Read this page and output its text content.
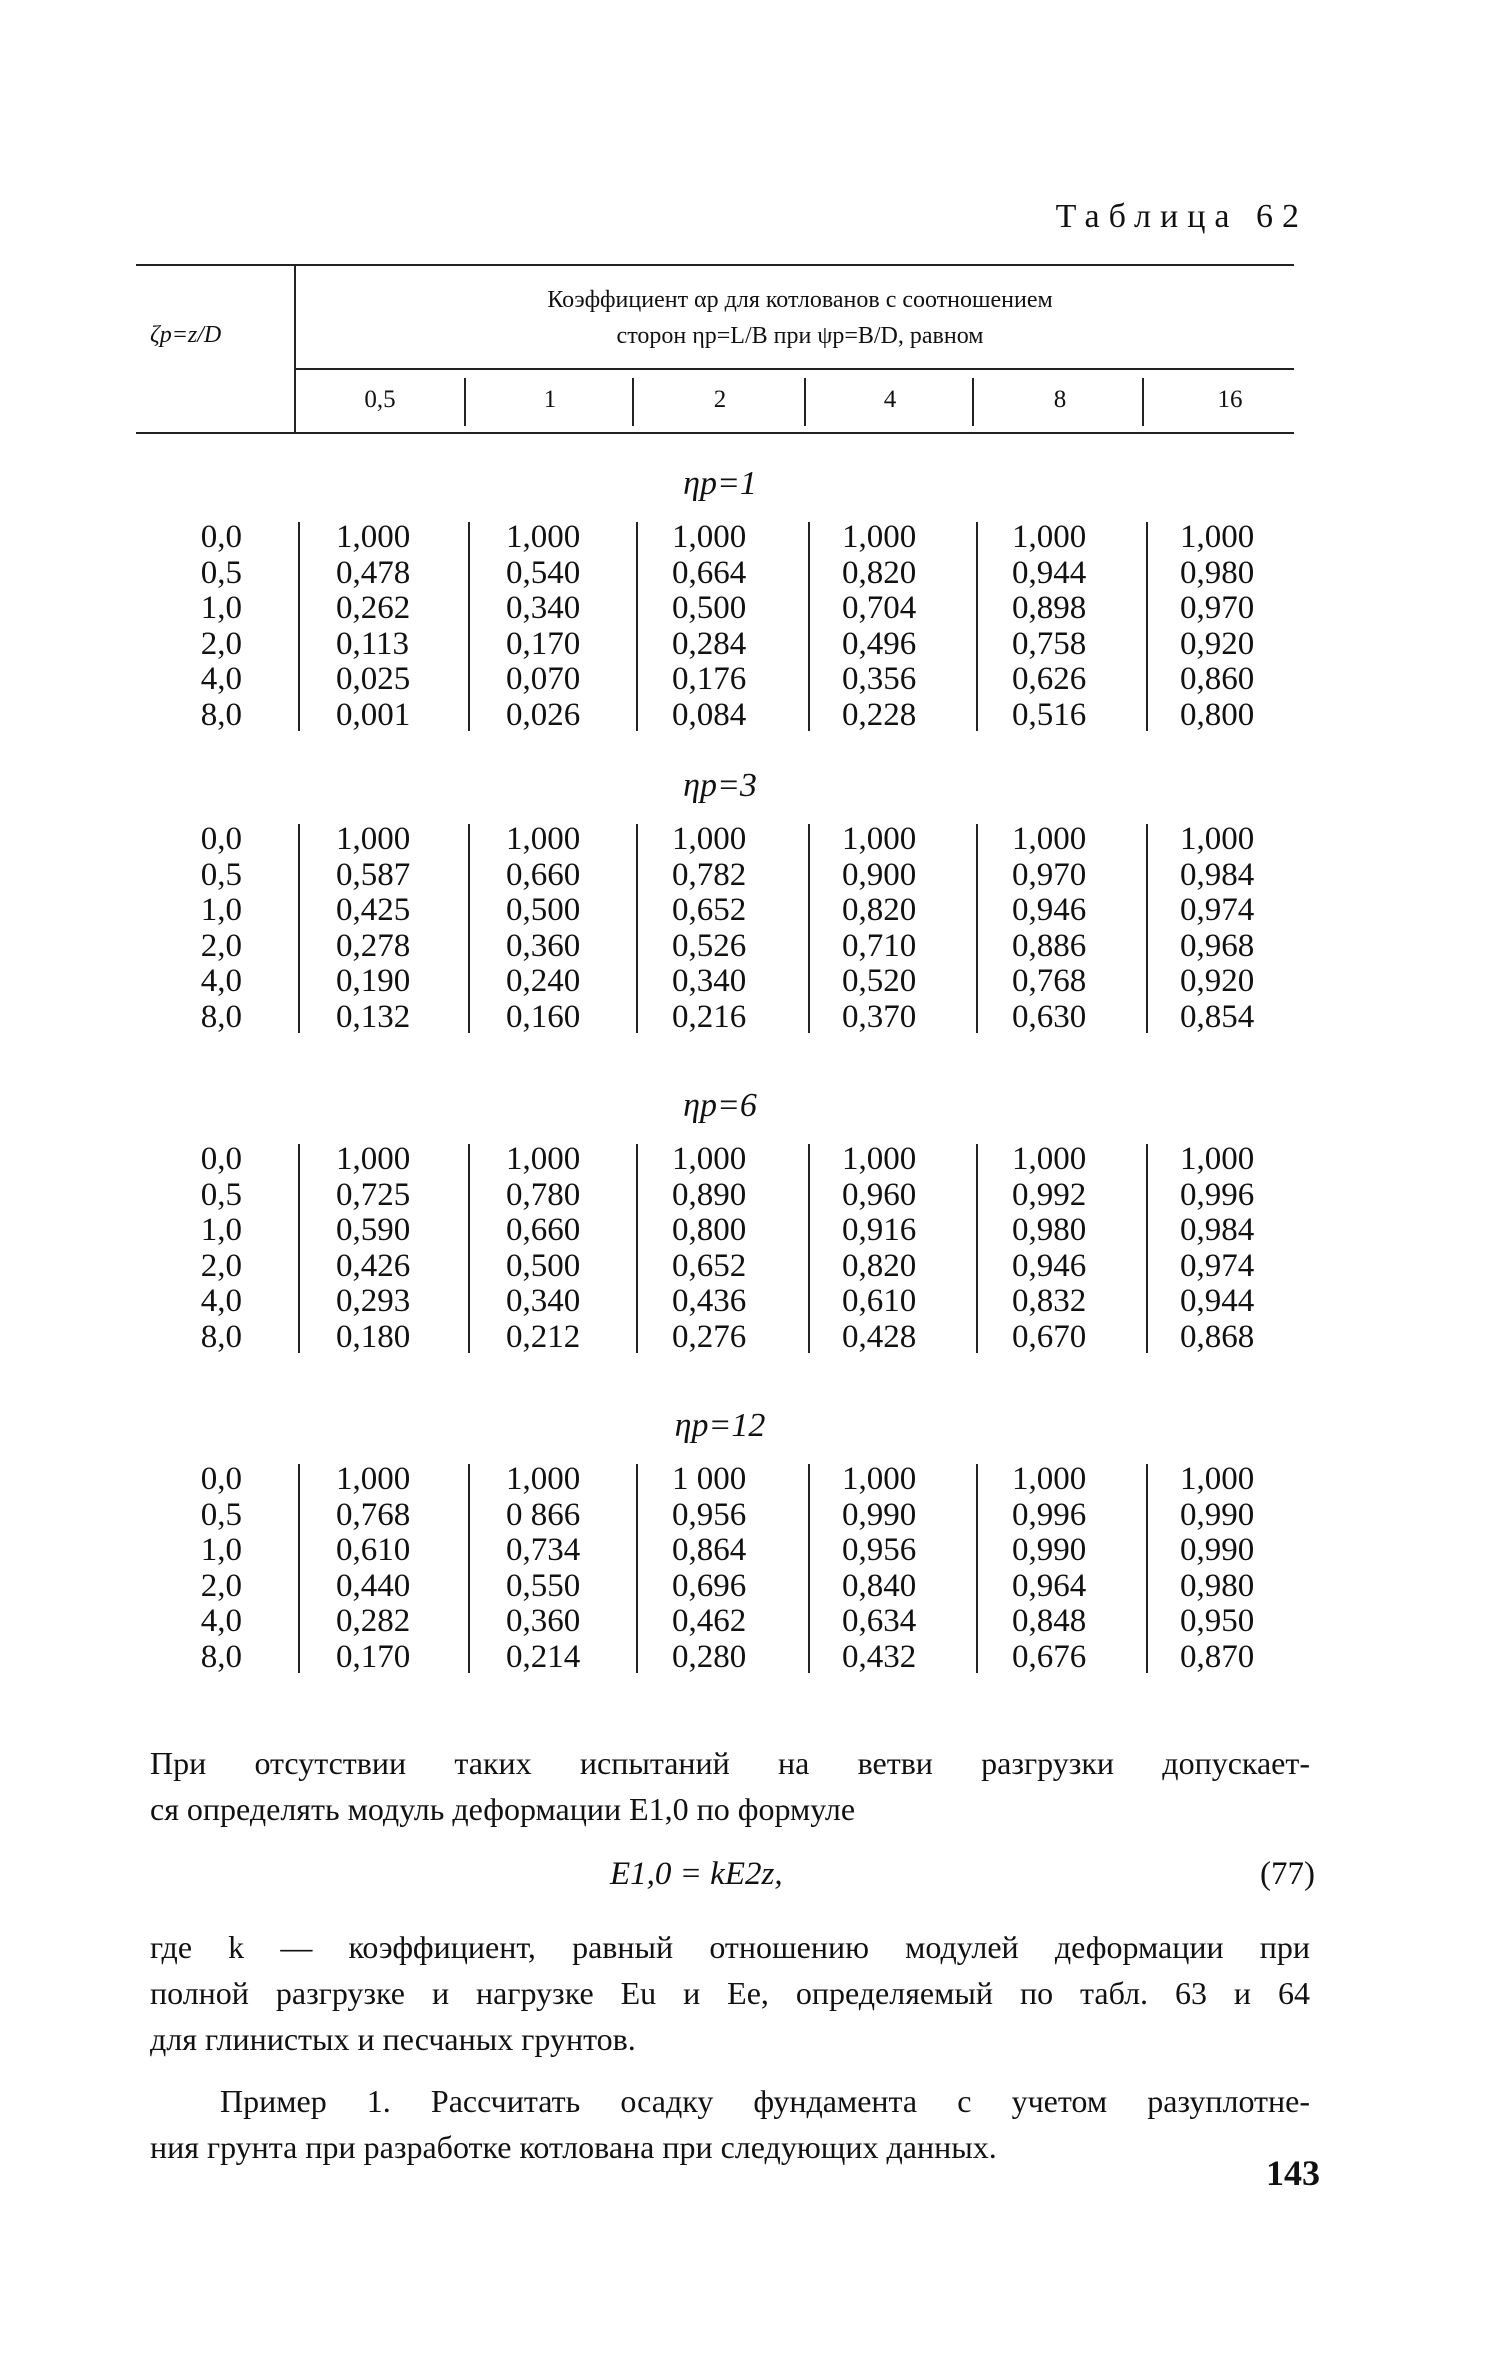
Таблица 62
ζp=z/D
Коэффициент αp для котлованов с соотношением
сторон ηp=L/B при ψp=B/D, равном
0,5	1	2	4	8	16
ηp=1
0,0	1,000	1,000	1,000	1,000	1,000	1,000
0,5	0,478	0,540	0,664	0,820	0,944	0,980
1,0	0,262	0,340	0,500	0,704	0,898	0,970
2,0	0,113	0,170	0,284	0,496	0,758	0,920
4,0	0,025	0,070	0,176	0,356	0,626	0,860
8,0	0,001	0,026	0,084	0,228	0,516	0,800
ηp=3
0,0	1,000	1,000	1,000	1,000	1,000	1,000
0,5	0,587	0,660	0,782	0,900	0,970	0,984
1,0	0,425	0,500	0,652	0,820	0,946	0,974
2,0	0,278	0,360	0,526	0,710	0,886	0,968
4,0	0,190	0,240	0,340	0,520	0,768	0,920
8,0	0,132	0,160	0,216	0,370	0,630	0,854
ηp=6
0,0	1,000	1,000	1,000	1,000	1,000	1,000
0,5	0,725	0,780	0,890	0,960	0,992	0,996
1,0	0,590	0,660	0,800	0,916	0,980	0,984
2,0	0,426	0,500	0,652	0,820	0,946	0,974
4,0	0,293	0,340	0,436	0,610	0,832	0,944
8,0	0,180	0,212	0,276	0,428	0,670	0,868
ηp=12
0,0	1,000	1,000	1 000	1,000	1,000	1,000
0,5	0,768	0 866	0,956	0,990	0,996	0,990
1,0	0,610	0,734	0,864	0,956	0,990	0,990
2,0	0,440	0,550	0,696	0,840	0,964	0,980
4,0	0,282	0,360	0,462	0,634	0,848	0,950
8,0	0,170	0,214	0,280	0,432	0,676	0,870
При отсутствии таких испытаний на ветви разгрузки допускает-
ся определять модуль деформации E1,0 по формуле
E1,0 = kE2z,	(77)
где k — коэффициент, равный отношению модулей деформации при
полной разгрузке и нагрузке Eu и Ee, определяемый по табл. 63 и 64
для глинистых и песчаных грунтов.
Пример 1. Рассчитать осадку фундамента с учетом разуплотне-
ния грунта при разработке котлована при следующих данных.
143
